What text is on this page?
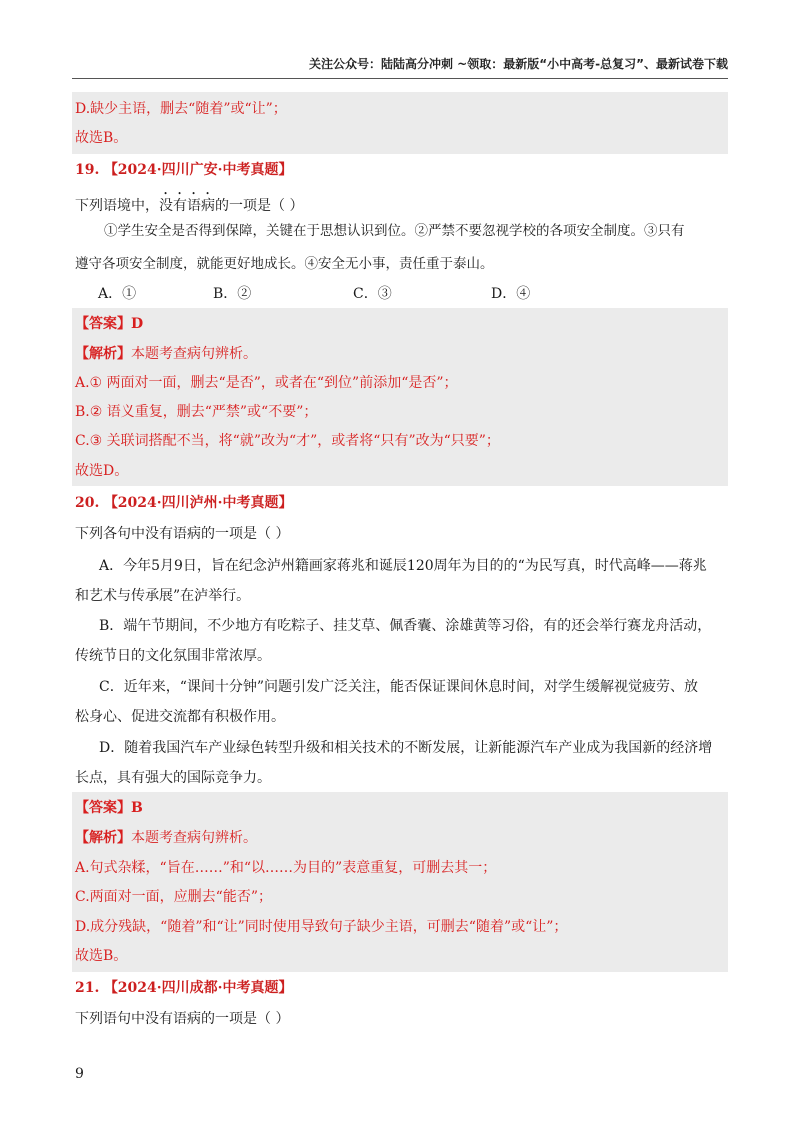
关注公众号：陆陆高分冲刺 ~领取：最新版“小中高考-总复习”、最新试卷下载
D.缺少主语，删去“随着”或“让”；
故选B。
19. 【2024·四川广安·中考真题】
下列语境中，没有语病的一项是（ ）
①学生安全是否得到保障，关键在于思想认识到位。②严禁不要忽视学校的各项安全制度。③只有
遵守各项安全制度，就能更好地成长。④安全无小事，责任重于泰山。
A．①	B．②	C．③	D．④
【答案】D
【解析】本题考查病句辨析。
A.① 两面对一面，删去“是否”，或者在“到位”前添加“是否”；
B.② 语义重复，删去“严禁”或“不要”；
C.③ 关联词搭配不当，将“就”改为“才”，或者将“只有”改为“只要”；
故选D。
20. 【2024·四川泸州·中考真题】
下列各句中没有语病的一项是（ ）
A．今年5月9日，旨在纪念泸州籍画家蒋兆和诞辰120周年为目的的“为民写真，时代高峰——蒋兆
和艺术与传承展”在泸举行。
B．端午节期间，不少地方有吃粽子、挂艾草、佩香囊、涂雄黄等习俗，有的还会举行赛龙舟活动，
传统节日的文化氛围非常浓厚。
C．近年来，“课间十分钟”问题引发广泛关注，能否保证课间休息时间，对学生缓解视觉疲劳、放
松身心、促进交流都有积极作用。
D．随着我国汽车产业绿色转型升级和相关技术的不断发展，让新能源汽车产业成为我国新的经济增
长点，具有强大的国际竞争力。
【答案】B
【解析】本题考查病句辨析。
A.句式杂糅，“旨在……”和“以……为目的”表意重复，可删去其一；
C.两面对一面，应删去“能否”；
D.成分残缺，“随着”和“让”同时使用导致句子缺少主语，可删去“随着”或“让”；
故选B。
21. 【2024·四川成都·中考真题】
下列语句中没有语病的一项是（ ）
9
